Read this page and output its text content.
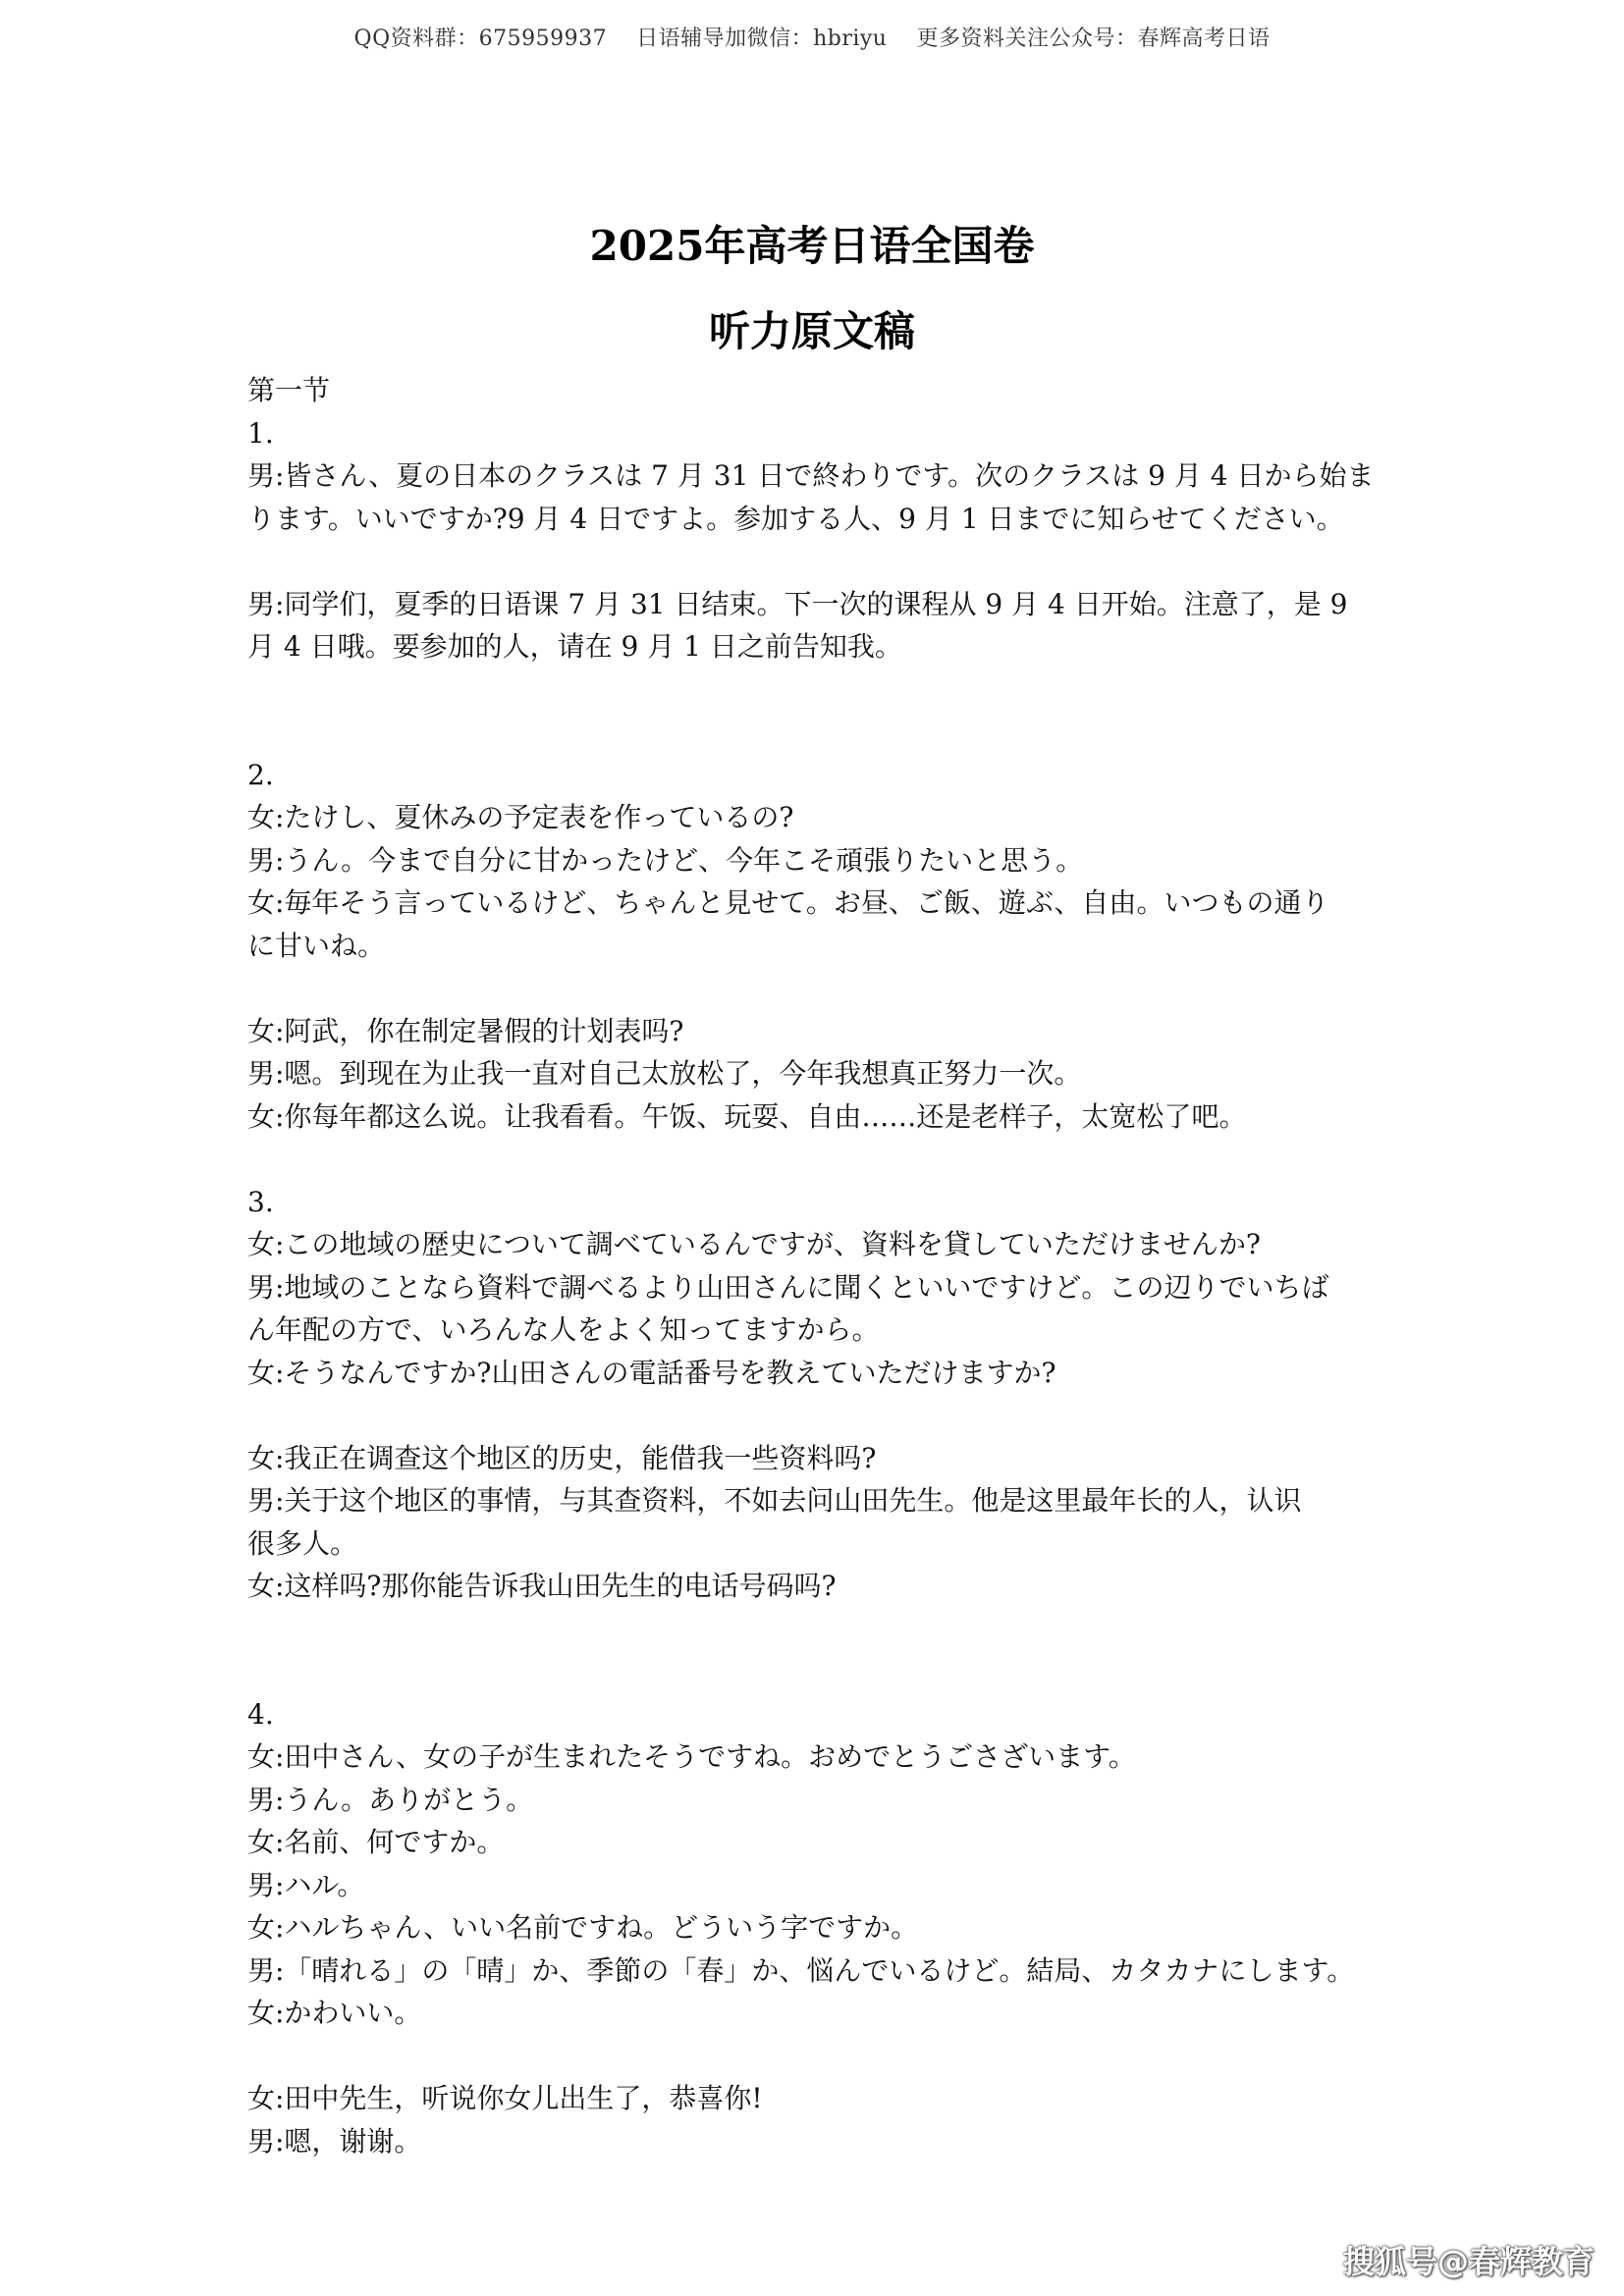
QQ资料群：675959937　 日语辅导加微信：hbriyu　 更多资料关注公众号：春辉高考日语
2025年高考日语全国卷
听力原文稿
第一节
1.
男:皆さん、夏の日本のクラスは 7 月 31 日で終わりです。次のクラスは 9 月 4 日から始ま
ります。いいですか?9 月 4 日ですよ。参加する人、9 月 1 日までに知らせてください。
男:同学们，夏季的日语课 7 月 31 日结束。下一次的课程从 9 月 4 日开始。注意了，是 9
月 4 日哦。要参加的人，请在 9 月 1 日之前告知我。
2.
女:たけし、夏休みの予定表を作っているの?
男:うん。今まで自分に甘かったけど、今年こそ頑張りたいと思う。
女:毎年そう言っているけど、ちゃんと見せて。お昼、ご飯、遊ぶ、自由。いつもの通り
に甘いね。
女:阿武，你在制定暑假的计划表吗?
男:嗯。到现在为止我一直对自己太放松了，今年我想真正努力一次。
女:你每年都这么说。让我看看。午饭、玩耍、自由……还是老样子，太宽松了吧。
3.
女:この地域の歴史について調べているんですが、資料を貸していただけませんか?
男:地域のことなら資料で調べるより山田さんに聞くといいですけど。この辺りでいちば
ん年配の方で、いろんな人をよく知ってますから。
女:そうなんですか?山田さんの電話番号を教えていただけますか?
女:我正在调查这个地区的历史，能借我一些资料吗?
男:关于这个地区的事情，与其查资料，不如去问山田先生。他是这里最年长的人，认识
很多人。
女:这样吗?那你能告诉我山田先生的电话号码吗?
4.
女:田中さん、女の子が生まれたそうですね。おめでとうごさざいます。
男:うん。ありがとう。
女:名前、何ですか。
男:ハル。
女:ハルちゃん、いい名前ですね。どういう字ですか。
男:「晴れる」の「晴」か、季節の「春」か、悩んでいるけど。結局、カタカナにします。
女:かわいい。
女:田中先生，听说你女儿出生了，恭喜你!
男:嗯，谢谢。
搜狐号@春辉教育
